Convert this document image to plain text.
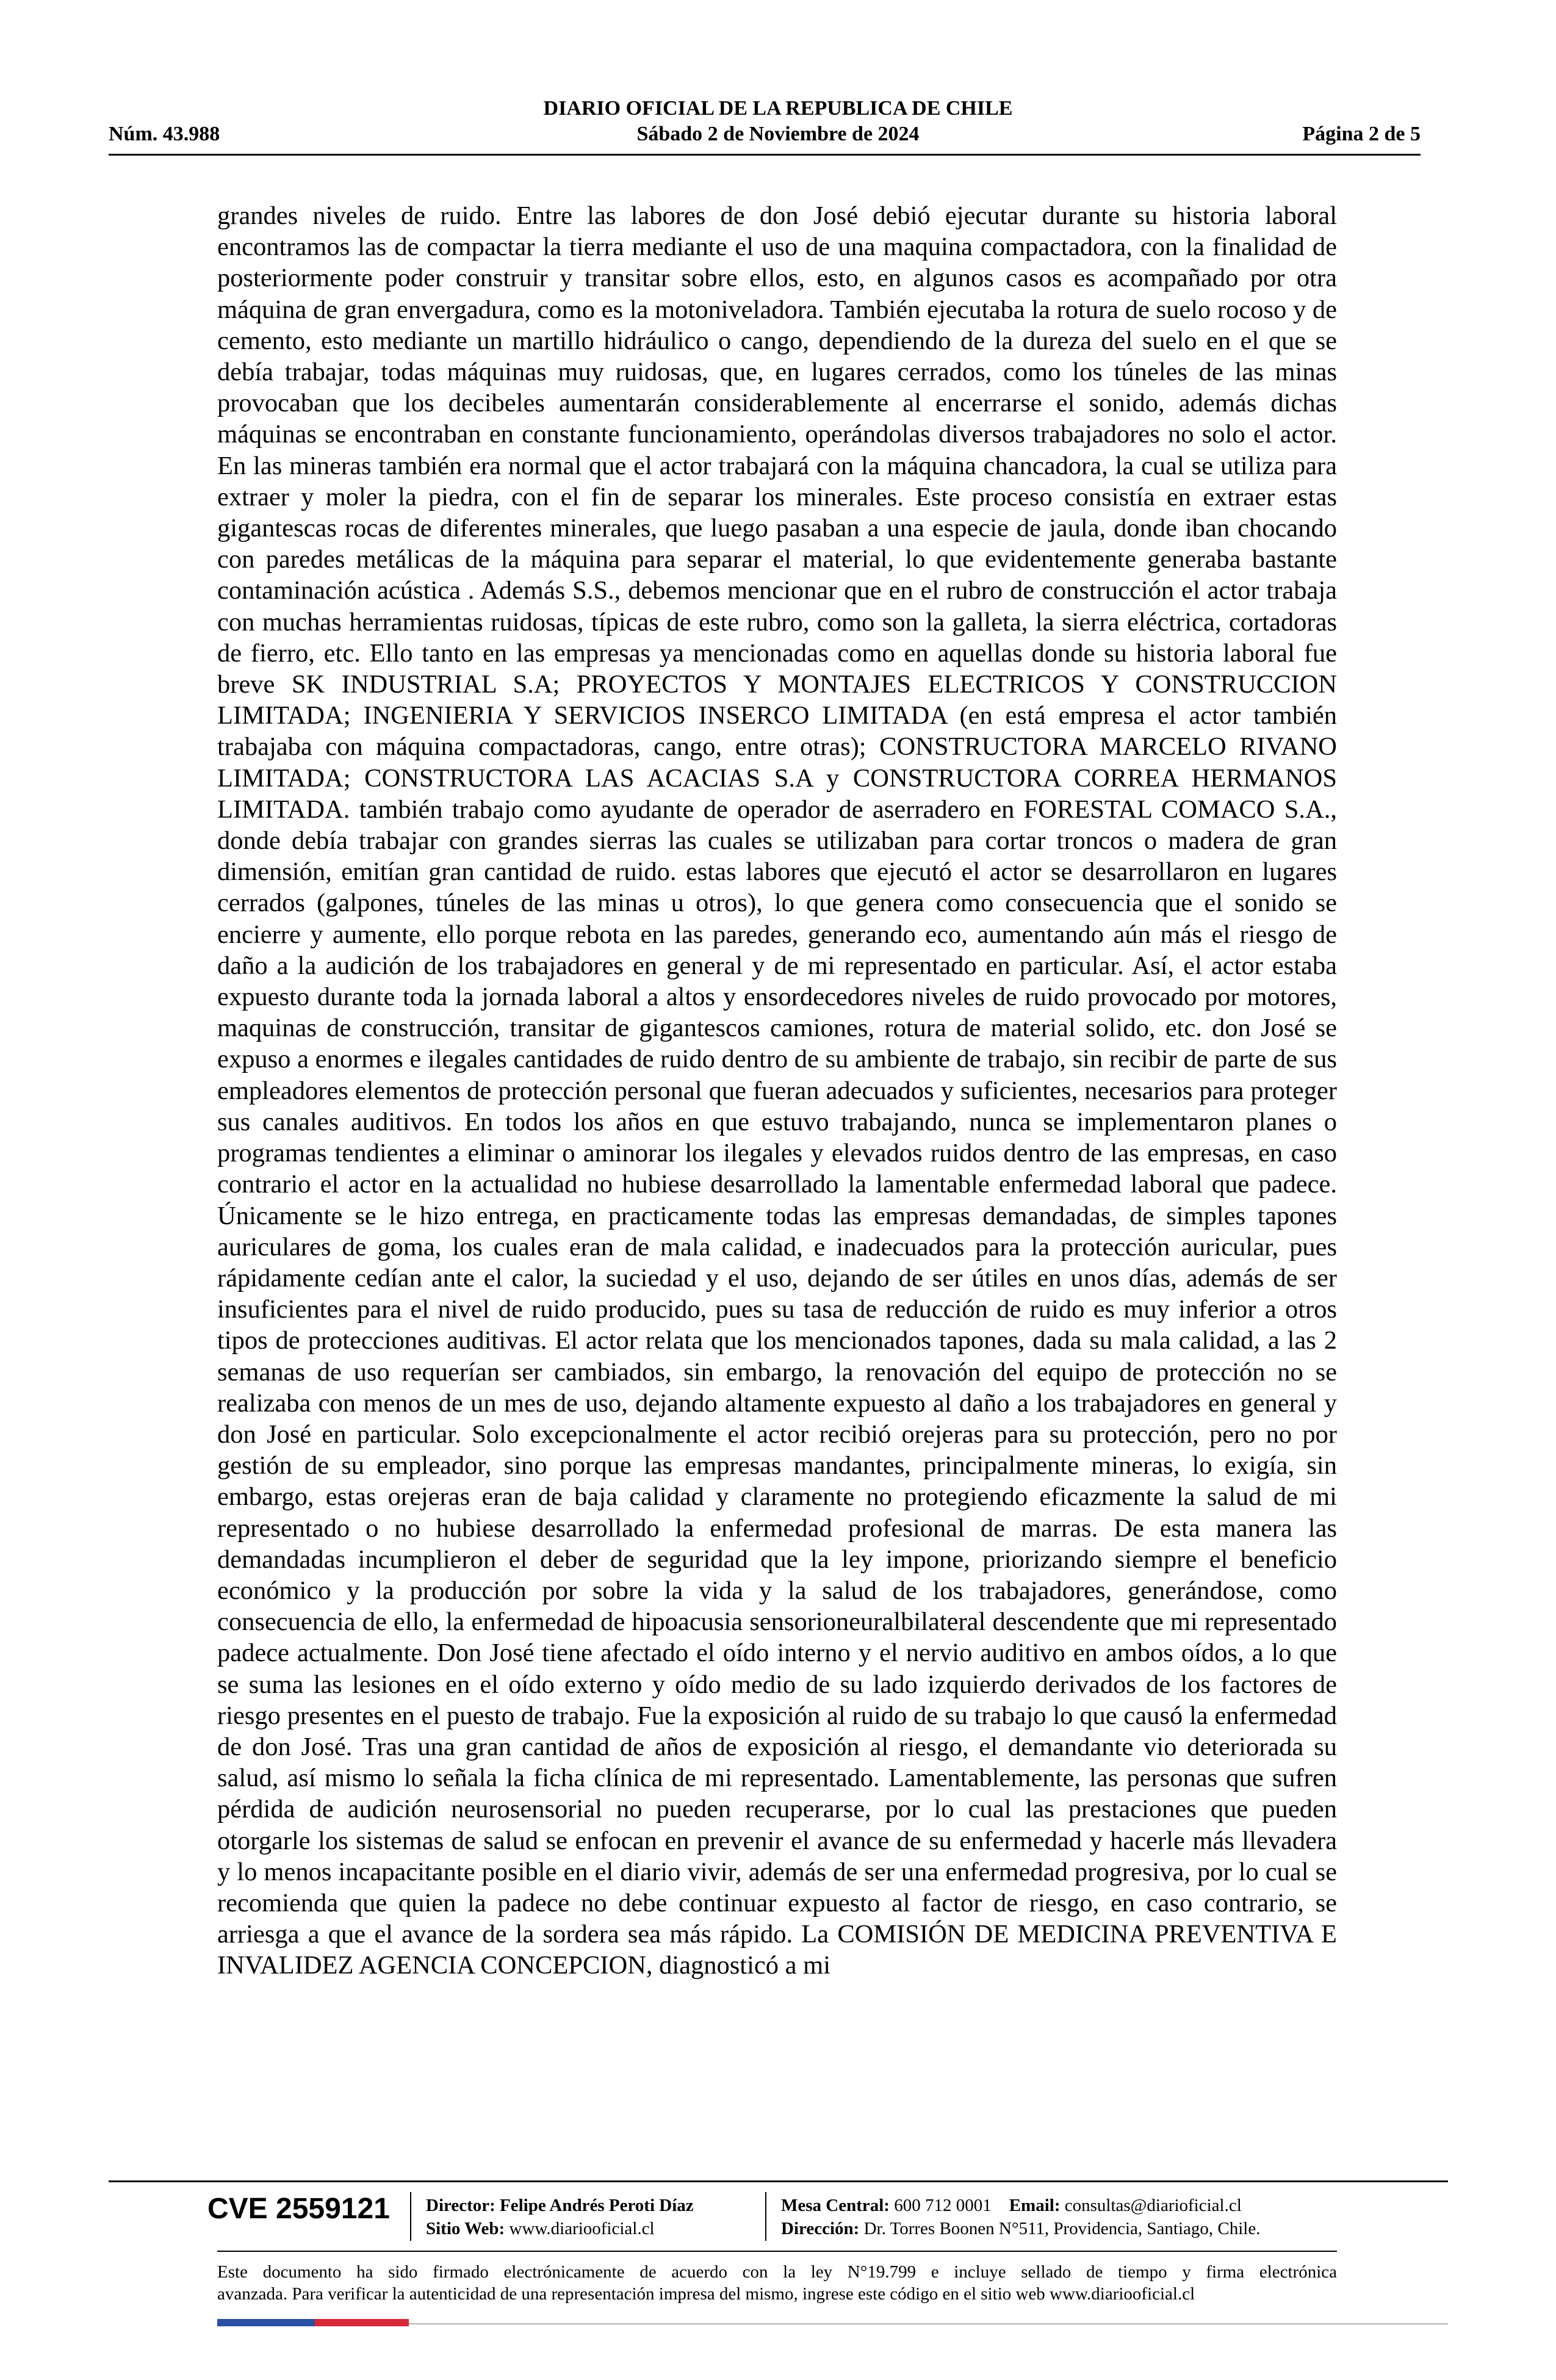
DIARIO OFICIAL DE LA REPUBLICA DE CHILE
Núm. 43.988	Sábado 2 de Noviembre de 2024	Página 2 de 5
grandes niveles de ruido. Entre las labores de don José debió ejecutar durante su historia laboral encontramos las de compactar la tierra mediante el uso de una maquina compactadora, con la finalidad de posteriormente poder construir y transitar sobre ellos, esto, en algunos casos es acompañado por otra máquina de gran envergadura, como es la motoniveladora. También ejecutaba la rotura de suelo rocoso y de cemento, esto mediante un martillo hidráulico o cango, dependiendo de la dureza del suelo en el que se debía trabajar, todas máquinas muy ruidosas, que, en lugares cerrados, como los túneles de las minas provocaban que los decibeles aumentarán considerablemente al encerrarse el sonido, además dichas máquinas se encontraban en constante funcionamiento, operándolas diversos trabajadores no solo el actor. En las mineras también era normal que el actor trabajará con la máquina chancadora, la cual se utiliza para extraer y moler la piedra, con el fin de separar los minerales. Este proceso consistía en extraer estas gigantescas rocas de diferentes minerales, que luego pasaban a una especie de jaula, donde iban chocando con paredes metálicas de la máquina para separar el material, lo que evidentemente generaba bastante contaminación acústica . Además S.S., debemos mencionar que en el rubro de construcción el actor trabaja con muchas herramientas ruidosas, típicas de este rubro, como son la galleta, la sierra eléctrica, cortadoras de fierro, etc. Ello tanto en las empresas ya mencionadas como en aquellas donde su historia laboral fue breve SK INDUSTRIAL S.A; PROYECTOS Y MONTAJES ELECTRICOS Y CONSTRUCCION LIMITADA; INGENIERIA Y SERVICIOS INSERCO LIMITADA (en está empresa el actor también trabajaba con máquina compactadoras, cango, entre otras); CONSTRUCTORA MARCELO RIVANO LIMITADA; CONSTRUCTORA LAS ACACIAS S.A y CONSTRUCTORA CORREA HERMANOS LIMITADA. también trabajo como ayudante de operador de aserradero en FORESTAL COMACO S.A., donde debía trabajar con grandes sierras las cuales se utilizaban para cortar troncos o madera de gran dimensión, emitían gran cantidad de ruido. estas labores que ejecutó el actor se desarrollaron en lugares cerrados (galpones, túneles de las minas u otros), lo que genera como consecuencia que el sonido se encierre y aumente, ello porque rebota en las paredes, generando eco, aumentando aún más el riesgo de daño a la audición de los trabajadores en general y de mi representado en particular. Así, el actor estaba expuesto durante toda la jornada laboral a altos y ensordecedores niveles de ruido provocado por motores, maquinas de construcción, transitar de gigantescos camiones, rotura de material solido, etc. don José se expuso a enormes e ilegales cantidades de ruido dentro de su ambiente de trabajo, sin recibir de parte de sus empleadores elementos de protección personal que fueran adecuados y suficientes, necesarios para proteger sus canales auditivos. En todos los años en que estuvo trabajando, nunca se implementaron planes o programas tendientes a eliminar o aminorar los ilegales y elevados ruidos dentro de las empresas, en caso contrario el actor en la actualidad no hubiese desarrollado la lamentable enfermedad laboral que padece. Únicamente se le hizo entrega, en practicamente todas las empresas demandadas, de simples tapones auriculares de goma, los cuales eran de mala calidad, e inadecuados para la protección auricular, pues rápidamente cedían ante el calor, la suciedad y el uso, dejando de ser útiles en unos días, además de ser insuficientes para el nivel de ruido producido, pues su tasa de reducción de ruido es muy inferior a otros tipos de protecciones auditivas. El actor relata que los mencionados tapones, dada su mala calidad, a las 2 semanas de uso requerían ser cambiados, sin embargo, la renovación del equipo de protección no se realizaba con menos de un mes de uso, dejando altamente expuesto al daño a los trabajadores en general y don José en particular. Solo excepcionalmente el actor recibió orejeras para su protección, pero no por gestión de su empleador, sino porque las empresas mandantes, principalmente mineras, lo exigía, sin embargo, estas orejeras eran de baja calidad y claramente no protegiendo eficazmente la salud de mi representado o no hubiese desarrollado la enfermedad profesional de marras. De esta manera las demandadas incumplieron el deber de seguridad que la ley impone, priorizando siempre el beneficio económico y la producción por sobre la vida y la salud de los trabajadores, generándose, como consecuencia de ello, la enfermedad de hipoacusia sensorioneuralbilateral descendente que mi representado padece actualmente. Don José tiene afectado el oído interno y el nervio auditivo en ambos oídos, a lo que se suma las lesiones en el oído externo y oído medio de su lado izquierdo derivados de los factores de riesgo presentes en el puesto de trabajo. Fue la exposición al ruido de su trabajo lo que causó la enfermedad de don José. Tras una gran cantidad de años de exposición al riesgo, el demandante vio deteriorada su salud, así mismo lo señala la ficha clínica de mi representado. Lamentablemente, las personas que sufren pérdida de audición neurosensorial no pueden recuperarse, por lo cual las prestaciones que pueden otorgarle los sistemas de salud se enfocan en prevenir el avance de su enfermedad y hacerle más llevadera y lo menos incapacitante posible en el diario vivir, además de ser una enfermedad progresiva, por lo cual se recomienda que quien la padece no debe continuar expuesto al factor de riesgo, en caso contrario, se arriesga a que el avance de la sordera sea más rápido. La COMISIÓN DE MEDICINA PREVENTIVA E INVALIDEZ AGENCIA CONCEPCION, diagnosticó a mi
CVE 2559121 Director: Felipe Andrés Peroti Díaz
Sitio Web: www.diariooficial.cl
Mesa Central: 600 712 0001 Email: consultas@diarioficial.cl
Dirección: Dr. Torres Boonen N°511, Providencia, Santiago, Chile.
Este documento ha sido firmado electrónicamente de acuerdo con la ley N°19.799 e incluye sellado de tiempo y firma electrónica
avanzada. Para verificar la autenticidad de una representación impresa del mismo, ingrese este código en el sitio web www.diariooficial.cl
